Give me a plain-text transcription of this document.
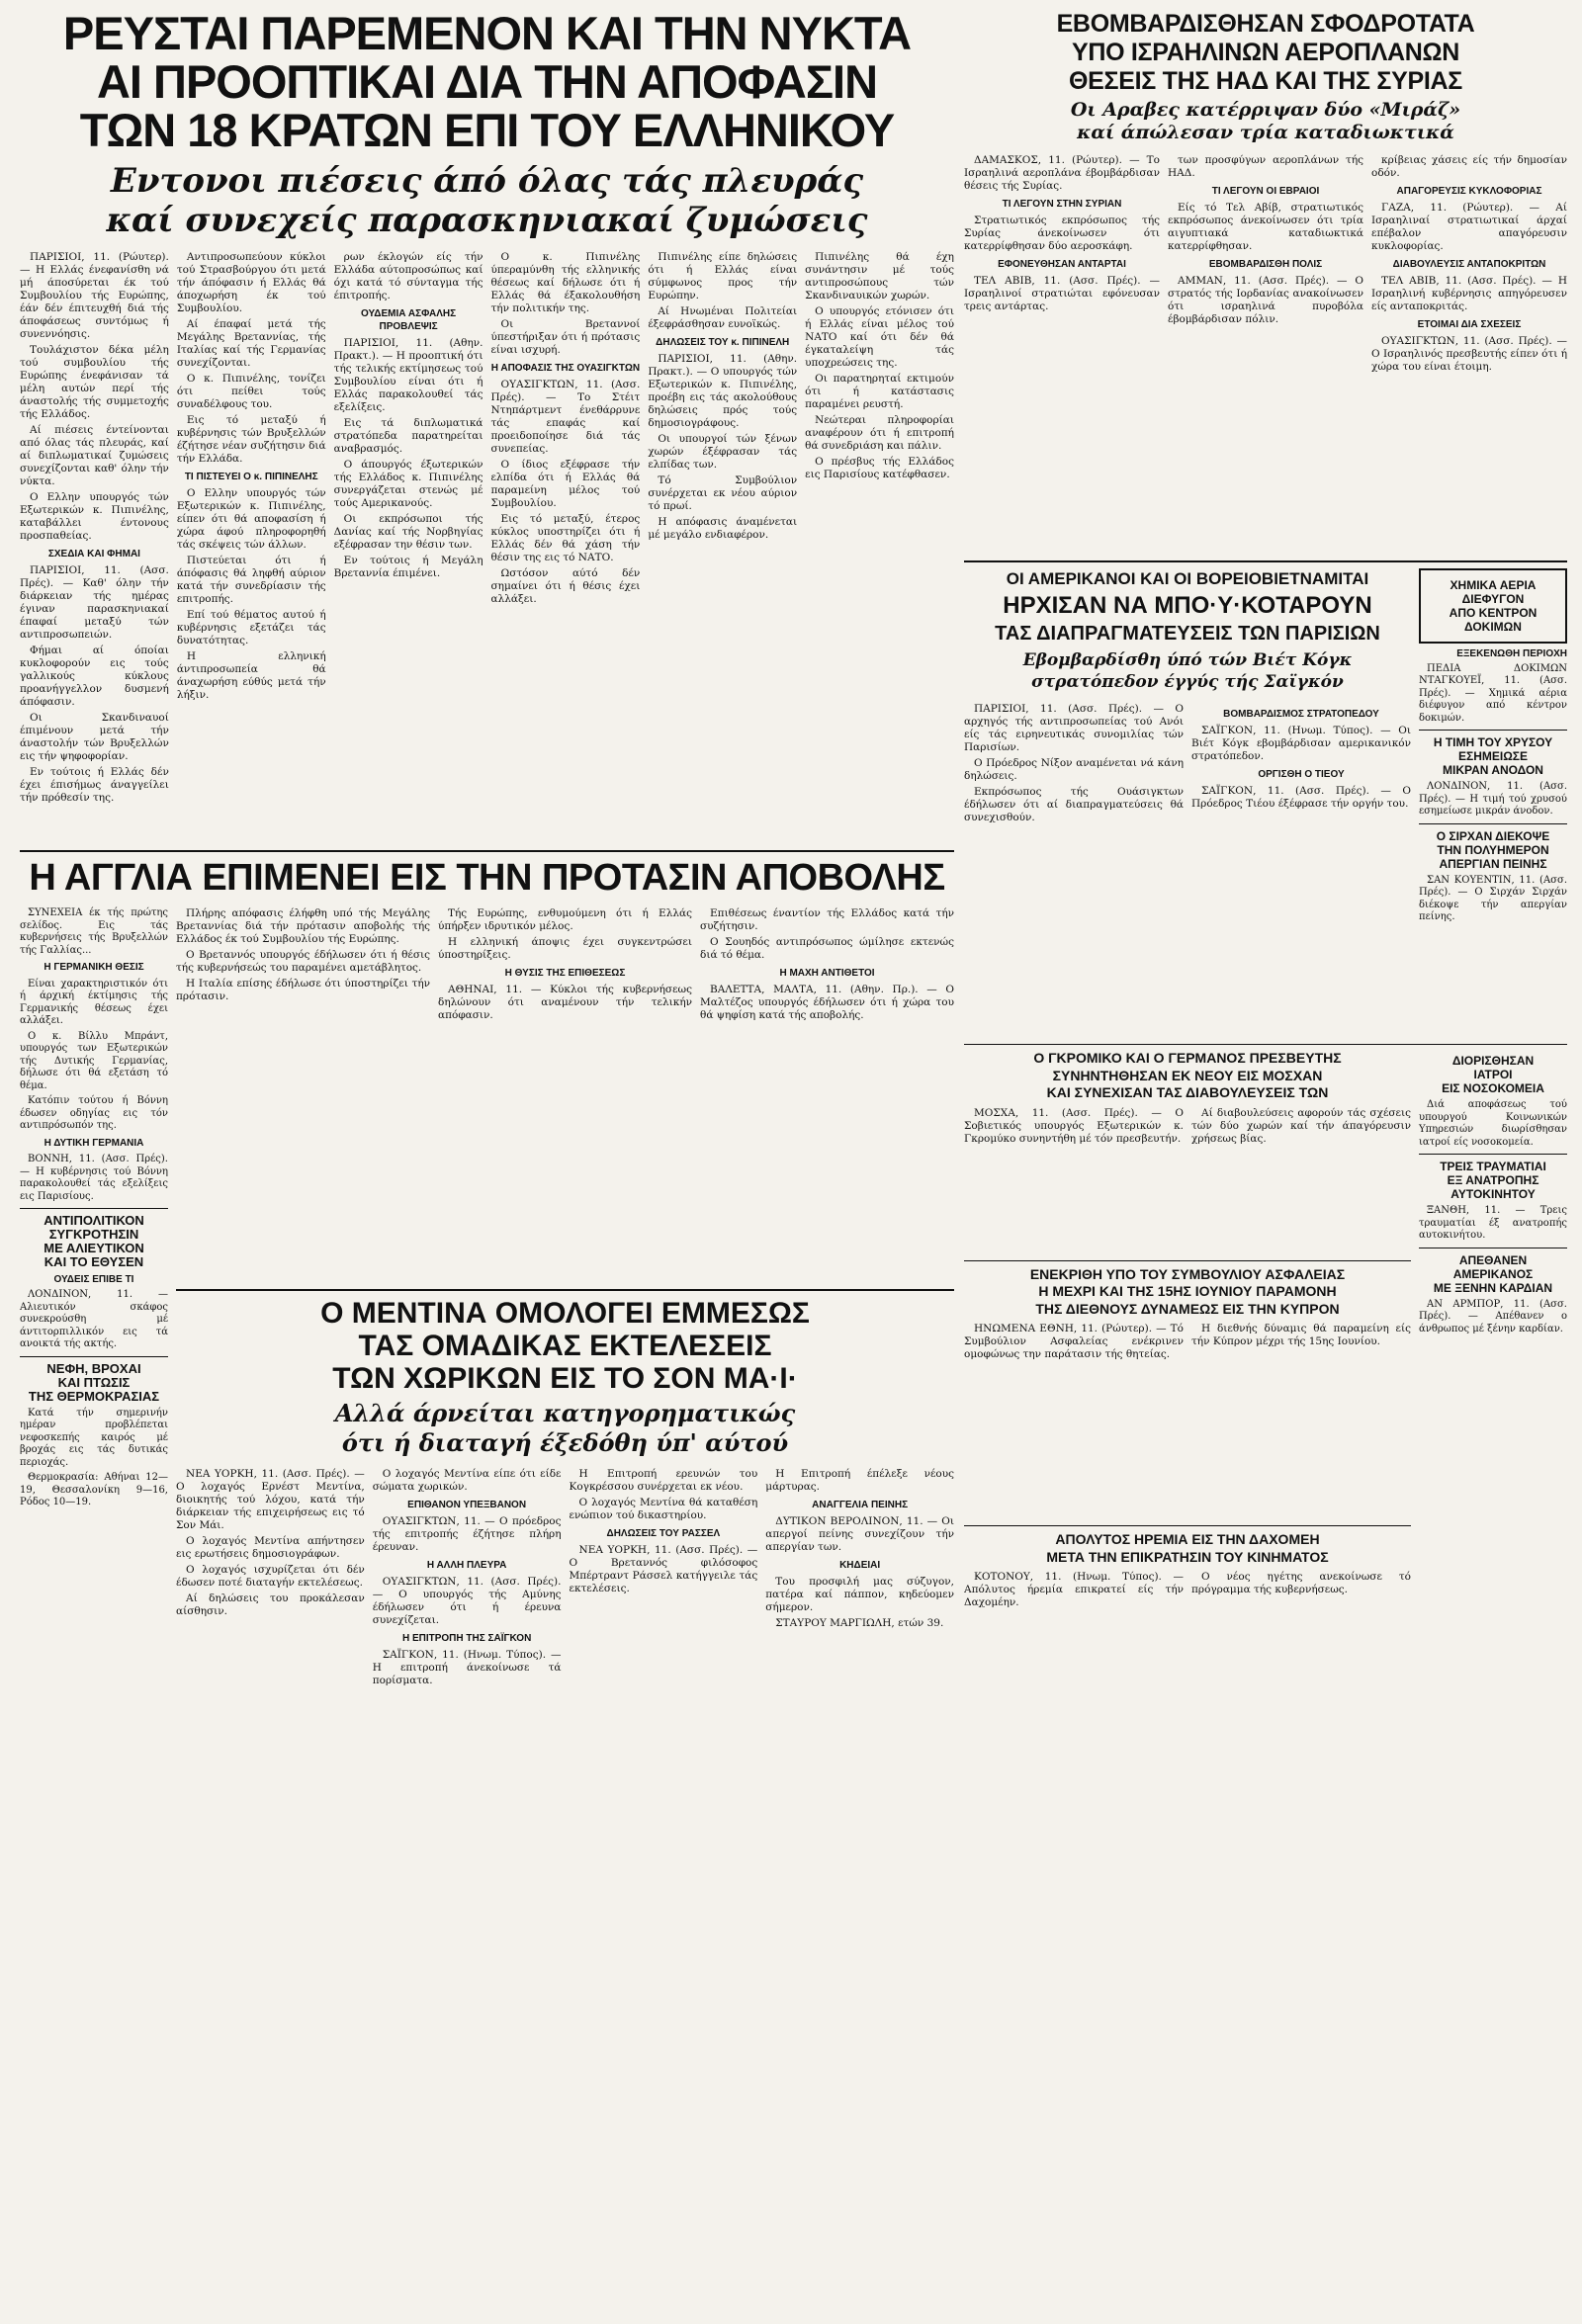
ΡΕΥΣΤΑΙ ΠΑΡΕΜΕΝΟΝ ΚΑΙ ΤΗΝ ΝΥΚΤΑ
ΑΙ ΠΡΟΟΠΤΙΚΑΙ ΔΙΑ ΤΗΝ ΑΠΟΦΑΣΙΝ
ΤΩΝ 18 ΚΡΑΤΩΝ ΕΠΙ ΤΟΥ ΕΛΛΗΝΙΚΟΥ
Εντονοι πιέσεις άπό όλας τάς πλευράς
καί συνεχείς παρασκηνιακαί ζυμώσεις

ΠΑΡΙΣΙΟΙ, 11. (Ρώυτερ). — Η Ελλάς ένεφανίσθη νά μή άποσύρεται έκ τού Συμβουλίου τής Ευρώπης, έάν δέν έπιτευχθή διά τής άποφάσεως συντόμως ή συνεννόησις.

Τουλάχιστον δέκα μέλη τού συμβουλίου τής Ευρώπης ένεφάνισαν τά μέλη αυτών περί τής άναστολής τής συμμετοχής τής Ελλάδος.

Αί πιέσεις έντείνονται από όλας τάς πλευράς, καί αί διπλωματικαί ζυμώσεις συνεχίζονται καθ' όλην τήν νύκτα.

Ο Ελλην υπουργός τών Εξωτερικών κ. Πιπινέλης, καταβάλλει έντονους προσπαθείας.

ΣΧΕΔΙΑ ΚΑΙ ΦΗΜΑΙ

ΠΑΡΙΣΙΟΙ, 11. (Ασσ. Πρές). — Καθ' όλην τήν διάρκειαν τής ημέρας έγιναν παρασκηνιακαί έπαφαί μεταξύ τών αντιπροσωπειών.

Φήμαι αί όποίαι κυκλοφορούν εις τούς γαλλικούς κύκλους προανήγγελλον δυσμενή άπόφασιν.

Οι Σκανδιναυοί έπιμένουν μετά τήν άναστολήν τών Βρυξελλών εις τήν ψηφοφορίαν.

Εν τούτοις ή Ελλάς δέν έχει έπισήμως άναγγείλει τήν πρόθεσίν της.

Αντιπροσωπεύουν κύκλοι τού Στρασβούργου ότι μετά τήν άπόφασιν ή Ελλάς θά άποχωρήση έκ τού Συμβουλίου.

Αί έπαφαί μετά τής Μεγάλης Βρεταννίας, τής Ιταλίας καί τής Γερμανίας συνεχίζονται.

Ο κ. Πιπινέλης, τονίζει ότι πείθει τούς συναδέλφους του.

Εις τό μεταξύ ή κυβέρνησις τών Βρυξελλών έζήτησε νέαν συζήτησιν διά τήν Ελλάδα.

ΤΙ ΠΙΣΤΕΥΕΙ Ο κ. ΠΙΠΙΝΕΛΗΣ

Ο Ελλην υπουργός τών Εξωτερικών κ. Πιπινέλης, είπεν ότι θά αποφασίση ή χώρα άφού πληροφορηθή τάς σκέψεις τών άλλων.

Πιστεύεται ότι ή άπόφασις θά ληφθή αύριον κατά τήν συνεδρίασιν τής επιτροπής.

Επί τού θέματος αυτού ή κυβέρνησις εξετάζει τάς δυνατότητας.

Η ελληνική άντιπροσωπεία θά άναχωρήση εύθύς μετά τήν λήξιν.

ρων έκλογών είς τήν Ελλάδα αύτοπροσώπως καί όχι κατά τό σύνταγμα τής έπιτροπής.

ΟΥΔΕΜΙΑ ΑΣΦΑΛΗΣ ΠΡΟΒΛΕΨΙΣ

ΠΑΡΙΣΙΟΙ, 11. (Αθην. Πρακτ.). — Η προοπτική ότι τής τελικής εκτίμησεως τού Συμβουλίου είναι ότι ή Ελλάς παρακολουθεί τάς εξελίξεις.

Εις τά διπλωματικά στρατόπεδα παρατηρείται αναβρασμός.

Ο άπουργός έξωτερικών τής Ελλάδος κ. Πιπινέλης συνεργάζεται στενώς μέ τούς Αμερικανούς.

Οι εκπρόσωποι τής Δανίας καί τής Νορβηγίας εξέφρασαν την θέσιν των.

Εν τούτοις ή Μεγάλη Βρεταννία έπιμένει.

Ο κ. Πιπινέλης ύπεραμύνθη τής ελληνικής θέσεως καί δήλωσε ότι ή Ελλάς θά έξακολουθήση τήν πολιτικήν της.

Οι Βρεταννοί ύπεστήριξαν ότι ή πρότασις είναι ισχυρή.

Η ΑΠΟΦΑΣΙΣ ΤΗΣ ΟΥΑΣΙΓΚΤΩΝ

ΟΥΑΣΙΓΚΤΩΝ, 11. (Ασσ. Πρές). — Το Στέιτ Ντηπάρτμεντ ένεθάρρυνε τάς επαφάς καί προειδοποίησε διά τάς συνεπείας.

Ο ίδιος εξέφρασε τήν ελπίδα ότι ή Ελλάς θά παραμείνη μέλος τού Συμβουλίου.

Εις τό μεταξύ, έτερος κύκλος υποστηρίζει ότι ή Ελλάς δέν θά χάση τήν θέσιν της εις τό ΝΑΤΟ.

Ωστόσον αύτό δέν σημαίνει ότι ή θέσις έχει αλλάξει.

Πιπινέλης είπε δηλώσεις ότι ή Ελλάς είναι σύμφωνος προς τήν Ευρώπην.

Αί Ηνωμέναι Πολιτείαι έξεφράσθησαν ευνοϊκώς.

ΔΗΛΩΣΕΙΣ ΤΟΥ κ. ΠΙΠΙΝΕΛΗ

ΠΑΡΙΣΙΟΙ, 11. (Αθην. Πρακτ.). — Ο υπουργός τών Εξωτερικών κ. Πιπινέλης, προέβη εις τάς ακολούθους δηλώσεις πρός τούς δημοσιογράφους.

Οι υπουργοί τών ξένων χωρών έξέφρασαν τάς ελπίδας των.

Τό Συμβούλιον συνέρχεται εκ νέου αύριον τό πρωί.

Η απόφασις άναμένεται μέ μεγάλο ενδιαφέρον.

Πιπινέλης θά έχη συνάντησιν μέ τούς αντιπροσώπους τών Σκανδιναυικών χωρών.

Ο υπουργός ετόνισεν ότι ή Ελλάς είναι μέλος τού ΝΑΤΟ καί ότι δέν θά έγκαταλείψη τάς υποχρεώσεις της.

Οι παρατηρηταί εκτιμούν ότι ή κατάστασις παραμένει ρευστή.

Νεώτεραι πληροφορίαι αναφέρουν ότι ή επιτροπή θά συνεδριάση και πάλιν.

Ο πρέσβυς τής Ελλάδος εις Παρισίους κατέφθασεν.

Η ΑΓΓΛΙΑ ΕΠΙΜΕΝΕΙ ΕΙΣ ΤΗΝ ΠΡΟΤΑΣΙΝ ΑΠΟΒΟΛΗΣ

ΣΥΝΕΧΕΙΑ έκ τής πρώτης σελίδος. Εις τάς κυβερνήσεις τής Βρυξελλών τής Γαλλίας...

Η ΓΕΡΜΑΝΙΚΗ ΘΕΣΙΣ

Είναι χαρακτηριστικόν ότι ή άρχική έκτίμησις τής Γερμανικής θέσεως έχει αλλάξει.

Ο κ. Βίλλυ Μπράντ, υπουργός των Εξωτερικών τής Δυτικής Γερμανίας, δήλωσε ότι θά εξετάση τό θέμα.

Κατόπιν τούτου ή Βόννη έδωσεν οδηγίας εις τόν αντιπρόσωπόν της.

Η ΔΥΤΙΚΗ ΓΕΡΜΑΝΙΑ

ΒΟΝΝΗ, 11. (Ασσ. Πρές). — Η κυβέρνησις τού Βόννη παρακολουθεί τάς εξελίξεις εις Παρισίους.

ΑΝΤΙΠΟΛΙΤΙΚΟΝ
ΣΥΓΚΡΟΤΗΣΙΝ
ΜΕ ΑΛΙΕΥΤΙΚΟΝ
ΚΑΙ ΤΟ ΕΘΥΣΕΝ
ΟΥΔΕΙΣ ΕΠΙΒΕ ΤΙ

ΛΟΝΔΙΝΟΝ, 11. — Αλιευτικόν σκάφος συνεκρούσθη μέ άντιτορπιλλικόν εις τά ανοικτά τής ακτής.

ΝΕΦΗ, ΒΡΟΧΑΙ
ΚΑΙ ΠΤΩΣΙΣ
ΤΗΣ ΘΕΡΜΟΚΡΑΣΙΑΣ

Κατά τήν σημερινήν ημέραν προβλέπεται νεφοσκεπής καιρός μέ βροχάς εις τάς δυτικάς περιοχάς.

Θερμοκρασία: Αθήναι 12—19, Θεσσαλονίκη 9—16, Ρόδος 10—19.

Πλήρης απόφασις έλήφθη υπό τής Μεγάλης Βρεταννίας διά τήν πρότασιν αποβολής τής Ελλάδος έκ τού Συμβουλίου τής Ευρώπης.

Ο Βρεταννός υπουργός έδήλωσεν ότι ή θέσις τής κυβερνήσεώς του παραμένει αμετάβλητος.

Η Ιταλία επίσης έδήλωσε ότι ύποστηρίζει τήν πρότασιν.

Τής Ευρώπης, ενθυμούμενη ότι ή Ελλάς ύπήρξεν ιδρυτικόν μέλος.

Η ελληνική άποψις έχει συγκεντρώσει ύποστηρίξεις.

Η ΘΥΣΙΣ ΤΗΣ ΕΠΙΘΕΣΕΩΣ

ΑΘΗΝΑΙ, 11. — Κύκλοι τής κυβερνήσεως δηλώνουν ότι αναμένουν τήν τελικήν απόφασιν.

Επιθέσεως έναντίον τής Ελλάδος κατά τήν συζήτησιν.

Ο Σουηδός αντιπρόσωπος ώμίλησε εκτενώς διά τό θέμα.

Η ΜΑΧΗ ΑΝΤΙΘΕΤΟΙ

ΒΑΛΕΤΤΑ, ΜΑΛΤΑ, 11. (Αθην. Πρ.). — Ο Μαλτέζος υπουργός έδήλωσεν ότι ή χώρα του θά ψηφίση κατά τής αποβολής.

Ο ΜΕΝΤΙΝΑ ΟΜΟΛΟΓΕΙ ΕΜΜΕΣΩΣ
ΤΑΣ ΟΜΑΔΙΚΑΣ ΕΚΤΕΛΕΣΕΙΣ
ΤΩΝ ΧΩΡΙΚΩΝ ΕΙΣ ΤΟ ΣΟΝ ΜΑ·Ι·
Αλλά άρνείται κατηγορηματικώς
ότι ή διαταγή έξεδόθη ύπ' αύτού

ΝΕΑ ΥΟΡΚΗ, 11. (Ασσ. Πρές). — Ο λοχαγός Ερνέστ Μεντίνα, διοικητής τού λόχου, κατά τήν διάρκειαν τής επιχειρήσεως εις τό Σον Μάι.

Ο λοχαγός Μεντίνα απήντησεν εις ερωτήσεις δημοσιογράφων.

Ο λοχαγός ισχυρίζεται ότι δέν έδωσεν ποτέ διαταγήν εκτελέσεως.

Αί δηλώσεις του προκάλεσαν αίσθησιν.

Ο λοχαγός Μεντίνα είπε ότι είδε σώματα χωρικών.

ΕΠΙΘΑΝΟΝ ΥΠΕΞΒΑΝΟΝ

ΟΥΑΣΙΓΚΤΩΝ, 11. — Ο πρόεδρος τής επιτροπής έζήτησε πλήρη έρευναν.

Η ΑΛΛΗ ΠΛΕΥΡΑ

ΟΥΑΣΙΓΚΤΩΝ, 11. (Ασσ. Πρές). — Ο υπουργός τής Αμύνης έδήλωσεν ότι ή έρευνα συνεχίζεται.

Η ΕΠΙΤΡΟΠΗ ΤΗΣ ΣΑΪΓΚΟΝ

ΣΑΪΓΚΟΝ, 11. (Ηνωμ. Τύπος). — Η επιτροπή άνεκοίνωσε τά πορίσματα.

Η Επιτροπή ερευνών του Κογκρέσσου συνέρχεται εκ νέου.

Ο λοχαγός Μεντίνα θά καταθέση ενώπιον τού δικαστηρίου.

ΔΗΛΩΣΕΙΣ ΤΟΥ ΡΑΣΣΕΛ

ΝΕΑ ΥΟΡΚΗ, 11. (Ασσ. Πρές). — Ο Βρεταννός φιλόσοφος Μπέρτραντ Ράσσελ κατήγγειλε τάς εκτελέσεις.

Η Επιτροπή έπέλεξε νέους μάρτυρας.

ΑΝΑΓΓΕΛΙΑ ΠΕΙΝΗΣ

ΔΥΤΙΚΟΝ ΒΕΡΟΛΙΝΟΝ, 11. — Οι απεργοί πείνης συνεχίζουν τήν απεργίαν των.

ΚΗΔΕΙΑΙ

Του προσφιλή μας σύζυγον, πατέρα καί πάππον, κηδεύομεν σήμερον.

ΣΤΑΥΡΟΥ ΜΑΡΓΙΩΛΗ, ετών 39.

ΕΒΟΜΒΑΡΔΙΣΘΗΣΑΝ ΣΦΟΔΡΟΤΑΤΑ
ΥΠΟ ΙΣΡΑΗΛΙΝΩΝ ΑΕΡΟΠΛΑΝΩΝ
ΘΕΣΕΙΣ ΤΗΣ ΗΑΔ ΚΑΙ ΤΗΣ ΣΥΡΙΑΣ
Οι Αραβες κατέρριψαν δύο «Μιράζ»
καί άπώλεσαν τρία καταδιωκτικά

ΔΑΜΑΣΚΟΣ, 11. (Ρώυτερ). — Το Ισραηλινά αεροπλάνα έβομβάρδισαν θέσεις τής Συρίας.

ΤΙ ΛΕΓΟΥΝ ΣΤΗΝ ΣΥΡΙΑΝ

Στρατιωτικός εκπρόσωπος τής Συρίας άνεκοίνωσεν ότι κατερρίφθησαν δύο αεροσκάφη.

ΕΦΟΝΕΥΘΗΣΑΝ ΑΝΤΑΡΤΑΙ

ΤΕΛ ΑΒΙΒ, 11. (Ασσ. Πρές). — Ισραηλινοί στρατιώται εφόνευσαν τρεις αντάρτας.

των προσφύγων αεροπλάνων τής ΗΑΔ.

ΤΙ ΛΕΓΟΥΝ ΟΙ ΕΒΡΑΙΟΙ

Είς τό Τελ Αβίβ, στρατιωτικός εκπρόσωπος άνεκοίνωσεν ότι τρία αιγυπτιακά καταδιωκτικά κατερρίφθησαν.

ΕΒΟΜΒΑΡΔΙΣΘΗ ΠΟΛΙΣ

ΑΜΜΑΝ, 11. (Ασσ. Πρές). — Ο στρατός τής Ιορδανίας ανακοίνωσεν ότι ισραηλινά πυροβόλα έβομβάρδισαν πόλιν.

κρίβειας χάσεις είς τήν δημοσίαν οδόν.

ΑΠΑΓΟΡΕΥΣΙΣ ΚΥΚΛΟΦΟΡΙΑΣ

ΓΑΖΑ, 11. (Ρώυτερ). — Αί Ισραηλιναί στρατιωτικαί άρχαί επέβαλον απαγόρευσιν κυκλοφορίας.

ΔΙΑΒΟΥΛΕΥΣΙΣ ΑΝΤΑΠΟΚΡΙΤΩΝ

ΤΕΛ ΑΒΙΒ, 11. (Ασσ. Πρές). — Η Ισραηλινή κυβέρνησις απηγόρευσεν είς ανταποκριτάς.

ΕΤΟΙΜΑΙ ΔΙΑ ΣΧΕΣΕΙΣ

ΟΥΑΣΙΓΚΤΩΝ, 11. (Ασσ. Πρές). — Ο Ισραηλινός πρεσβευτής είπεν ότι ή χώρα του είναι έτοιμη.

ΟΙ ΑΜΕΡΙΚΑΝΟΙ ΚΑΙ ΟΙ ΒΟΡΕΙΟΒΙΕΤΝΑΜΙΤΑΙ
ΗΡΧΙΣΑΝ ΝΑ ΜΠΟ·Υ·ΚΟΤΑΡΟΥΝ
ΤΑΣ ΔΙΑΠΡΑΓΜΑΤΕΥΣΕΙΣ ΤΩΝ ΠΑΡΙΣΙΩΝ
Εβομβαρδίσθη ύπό τών Βιέτ Κόγκ
στρατόπεδον έγγύς τής Σαϊγκόν

ΠΑΡΙΣΙΟΙ, 11. (Ασσ. Πρές). — Ο αρχηγός τής αντιπροσωπείας τού Ανόι είς τάς ειρηνευτικάς συνομιλίας τών Παρισίων.

Ο Πρόεδρος Νίξον αναμένεται νά κάνη δηλώσεις.

Εκπρόσωπος τής Ουάσιγκτων έδήλωσεν ότι αί διαπραγματεύσεις θά συνεχισθούν.

ΒΟΜΒΑΡΔΙΣΜΟΣ ΣΤΡΑΤΟΠΕΔΟΥ

ΣΑΪΓΚΟΝ, 11. (Ηνωμ. Τύπος). — Οι Βιέτ Κόγκ εβομβάρδισαν αμερικανικόν στρατόπεδον.

ΟΡΓΙΣΘΗ Ο ΤΙΕΟΥ

ΣΑΪΓΚΟΝ, 11. (Ασσ. Πρές). — Ο Πρόεδρος Τιέου έξέφρασε τήν οργήν του.

ΧΗΜΙΚΑ ΑΕΡΙΑ
ΔΙΕΦΥΓΟΝ
ΑΠΟ ΚΕΝΤΡΟΝ
ΔΟΚΙΜΩΝ
ΕΞΕΚΕΝΩΘΗ ΠΕΡΙΟΧΗ

ΠΕΔΙΑ ΔΟΚΙΜΩΝ ΝΤΑΓΚΟΥΕΪ, 11. (Ασσ. Πρές). — Χημικά αέρια διέφυγον από κέντρον δοκιμών.

Η ΤΙΜΗ ΤΟΥ ΧΡΥΣΟΥ
ΕΣΗΜΕΙΩΣΕ
ΜΙΚΡΑΝ ΑΝΟΔΟΝ

ΛΟΝΔΙΝΟΝ, 11. (Ασσ. Πρές). — Η τιμή τού χρυσού εσημείωσε μικράν άνοδον.

Ο ΣΙΡΧΑΝ ΔΙΕΚΟΨΕ
ΤΗΝ ΠΟΛΥΗΜΕΡΟΝ
ΑΠΕΡΓΙΑΝ ΠΕΙΝΗΣ

ΣΑΝ ΚΟΥΕΝΤΙΝ, 11. (Ασσ. Πρές). — Ο Σιρχάν Σιρχάν διέκοψε τήν απεργίαν πείνης.

Ο ΓΚΡΟΜΙΚΟ ΚΑΙ Ο ΓΕΡΜΑΝΟΣ ΠΡΕΣΒΕΥΤΗΣ
ΣΥΝΗΝΤΗΘΗΣΑΝ ΕΚ ΝΕΟΥ ΕΙΣ ΜΟΣΧΑΝ
ΚΑΙ ΣΥΝΕΧΙΣΑΝ ΤΑΣ ΔΙΑΒΟΥΛΕΥΣΕΙΣ ΤΩΝ

ΜΟΣΧΑ, 11. (Ασσ. Πρές). — Ο Σοβιετικός υπουργός Εξωτερικών κ. Γκρομύκο συνηντήθη μέ τόν πρεσβευτήν.

Αί διαβουλεύσεις αφορούν τάς σχέσεις τών δύο χωρών καί τήν άπαγόρευσιν χρήσεως βίας.

ΕΝΕΚΡΙΘΗ ΥΠΟ ΤΟΥ ΣΥΜΒΟΥΛΙΟΥ ΑΣΦΑΛΕΙΑΣ
Η ΜΕΧΡΙ ΚΑΙ ΤΗΣ 15ΗΣ ΙΟΥΝΙΟΥ ΠΑΡΑΜΟΝΗ
ΤΗΣ ΔΙΕΘΝΟΥΣ ΔΥΝΑΜΕΩΣ ΕΙΣ ΤΗΝ ΚΥΠΡΟΝ

ΗΝΩΜΕΝΑ ΕΘΝΗ, 11. (Ρώυτερ). — Τό Συμβούλιον Ασφαλείας ενέκρινεν ομοφώνως την παράτασιν τής θητείας.

Η διεθνής δύναμις θά παραμείνη είς τήν Κύπρον μέχρι τής 15ης Ιουνίου.

ΑΠΟΛΥΤΟΣ ΗΡΕΜΙΑ ΕΙΣ ΤΗΝ ΔΑΧΟΜΕΗ
ΜΕΤΑ ΤΗΝ ΕΠΙΚΡΑΤΗΣΙΝ ΤΟΥ ΚΙΝΗΜΑΤΟΣ

ΚΟΤΟΝΟΥ, 11. (Ηνωμ. Τύπος). — Απόλυτος ήρεμία επικρατεί είς τήν Δαχομέην.

Ο νέος ηγέτης ανεκοίνωσε τό πρόγραμμα τής κυβερνήσεως.

ΔΙΟΡΙΣΘΗΣΑΝ
ΙΑΤΡΟΙ
ΕΙΣ ΝΟΣΟΚΟΜΕΙΑ

Διά αποφάσεως τού υπουργού Κοινωνικών Υπηρεσιών διωρίσθησαν ιατροί είς νοσοκομεία.

ΤΡΕΙΣ ΤΡΑΥΜΑΤΙΑΙ
ΕΞ ΑΝΑΤΡΟΠΗΣ
ΑΥΤΟΚΙΝΗΤΟΥ

ΞΑΝΘΗ, 11. — Τρεις τραυματίαι έξ ανατροπής αυτοκινήτου.

ΑΠΕΘΑΝΕΝ ΑΜΕΡΙΚΑΝΟΣ
ΜΕ ΞΕΝΗΝ ΚΑΡΔΙΑΝ

ΑΝ ΑΡΜΠΟΡ, 11. (Ασσ. Πρές). — Απέθανεν ο άνθρωπος μέ ξένην καρδίαν.
